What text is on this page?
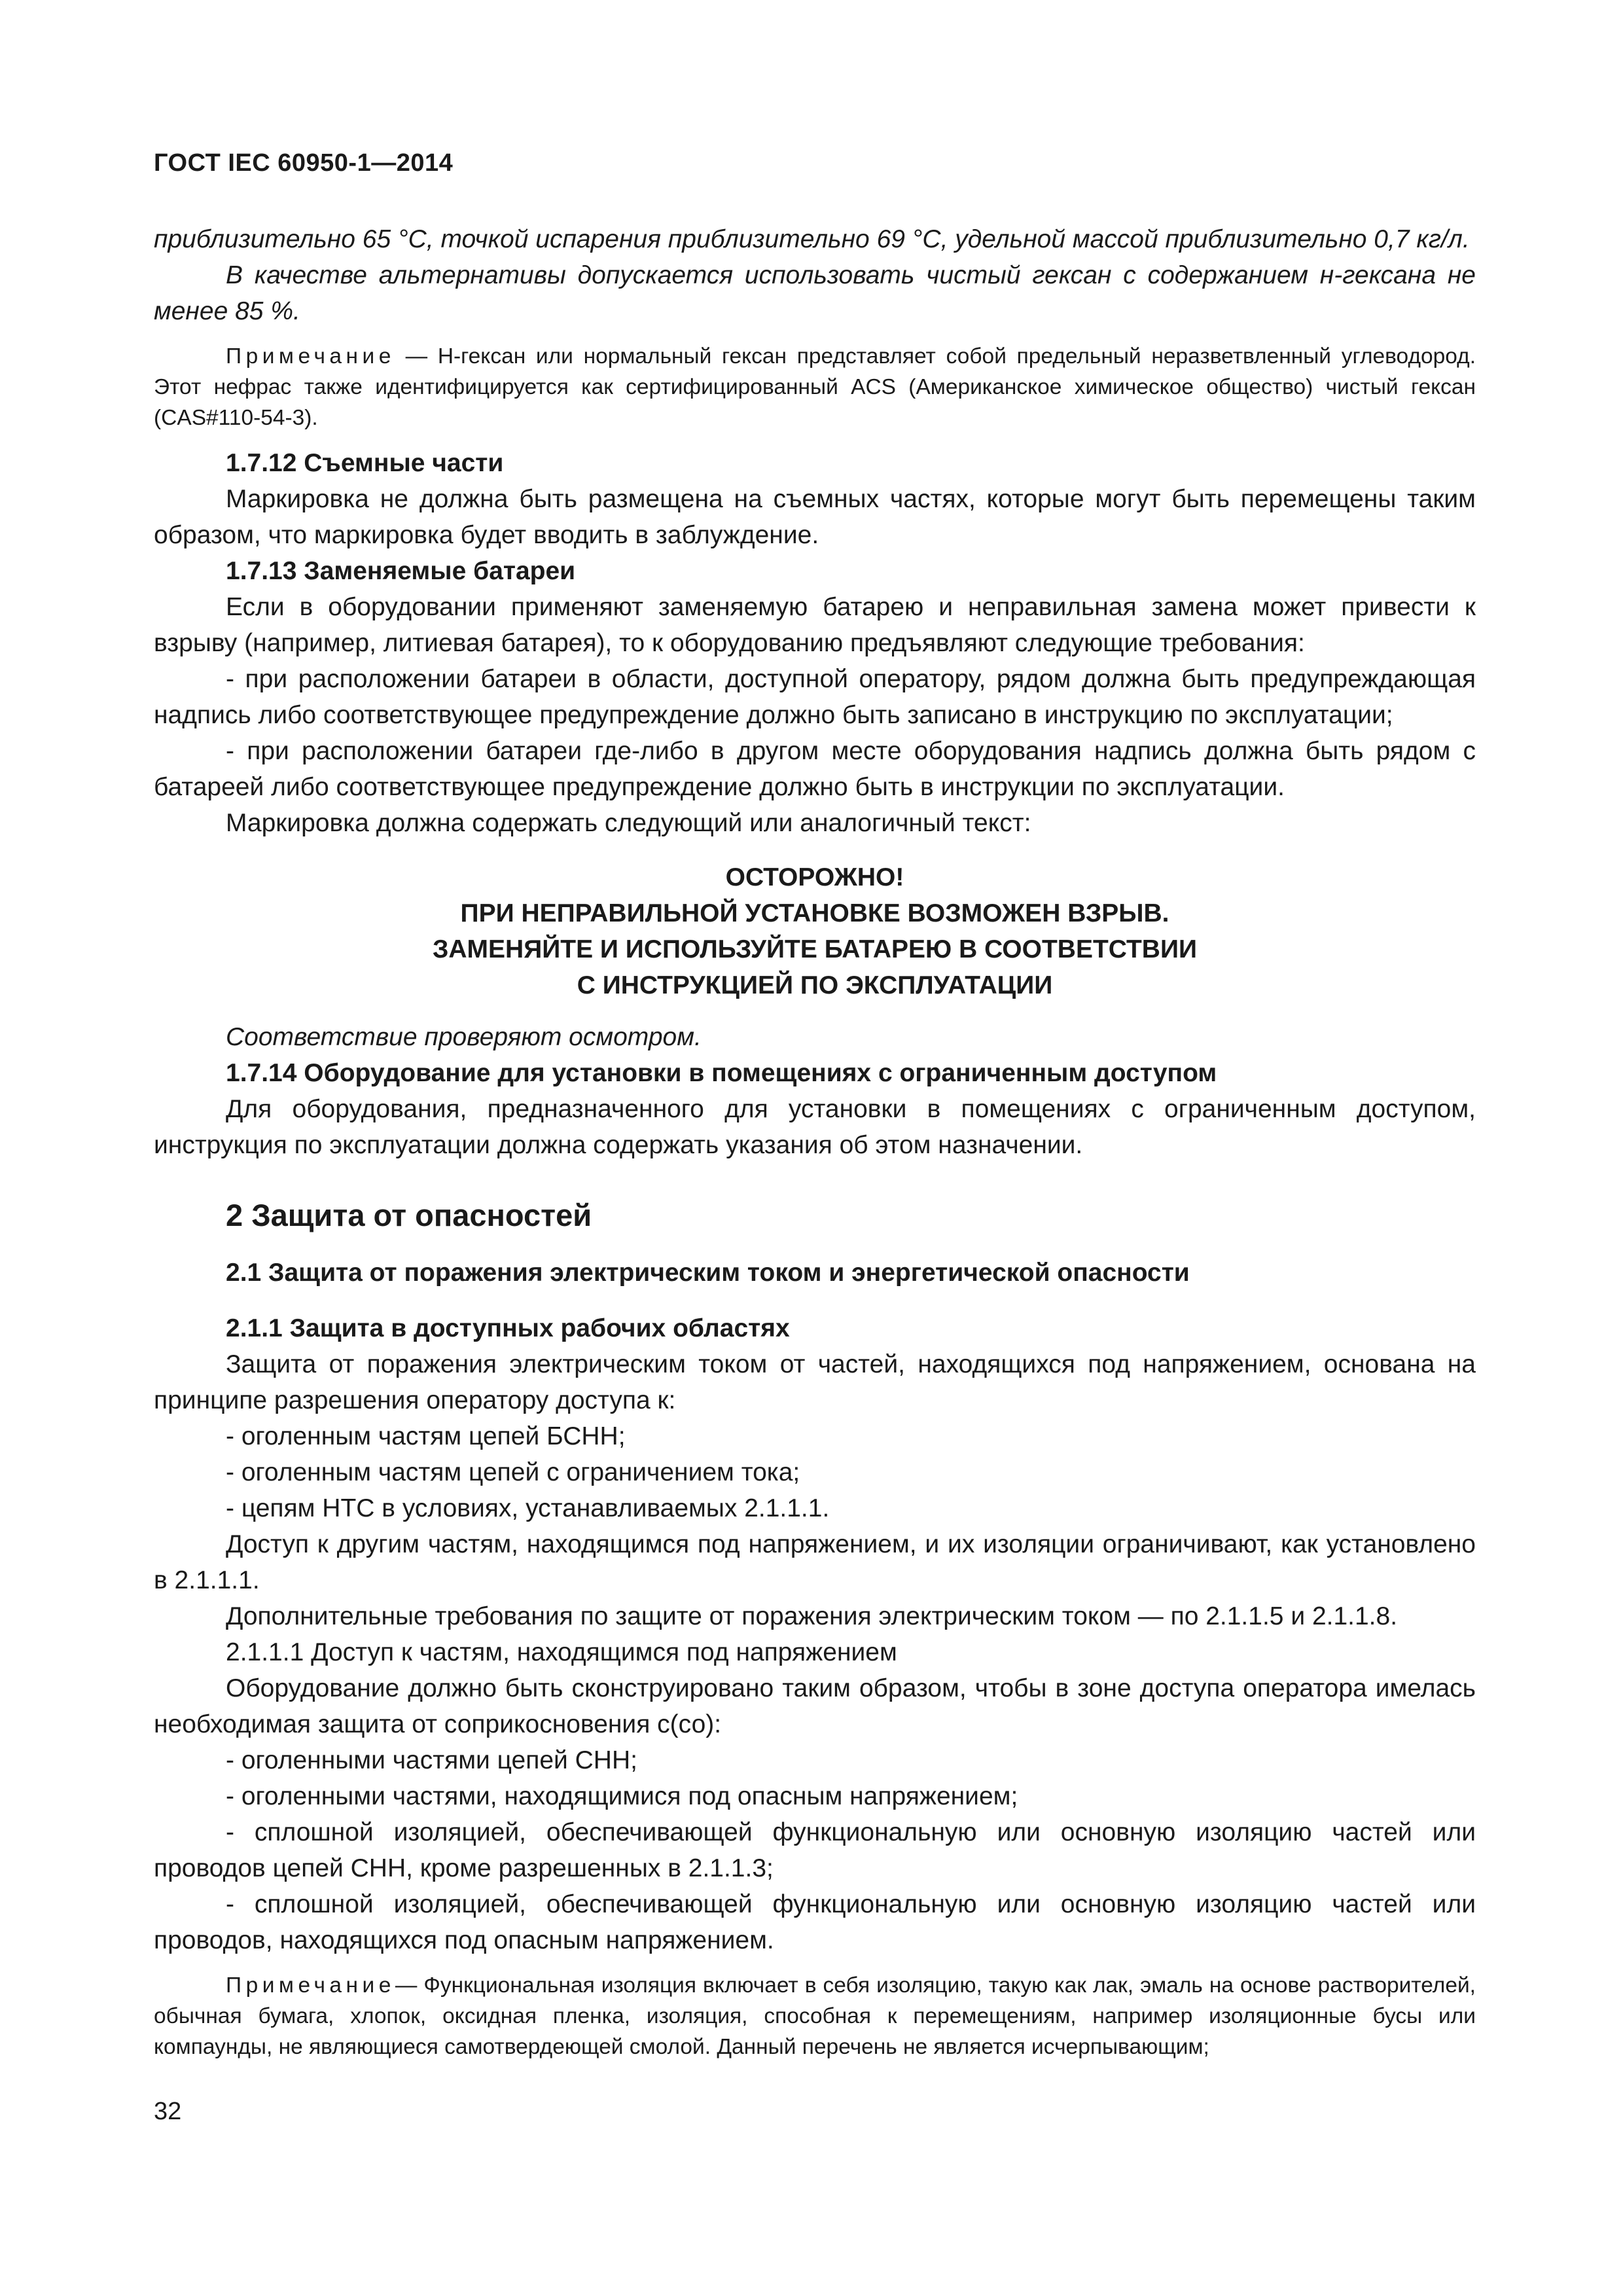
ГОСТ IEC 60950-1—2014

приблизительно 65 °С, точкой испарения приблизительно 69 °С, удельной массой приблизительно 0,7 кг/л.

В качестве альтернативы допускается использовать чистый гексан с содержанием н-гексана не менее 85 %.

Примечание — Н-гексан или нормальный гексан представляет собой предельный неразветвленный углеводород. Этот нефрас также идентифицируется как сертифицированный ACS (Американское химическое общество) чистый гексан (CAS#110-54-3).

1.7.12 Съемные части

Маркировка не должна быть размещена на съемных частях, которые могут быть перемещены таким образом, что маркировка будет вводить в заблуждение.

1.7.13 Заменяемые батареи

Если в оборудовании применяют заменяемую батарею и неправильная замена может привести к взрыву (например, литиевая батарея), то к оборудованию предъявляют следующие требования:

- при расположении батареи в области, доступной оператору, рядом должна быть предупреждающая надпись либо соответствующее предупреждение должно быть записано в инструкцию по эксплуатации;

- при расположении батареи где-либо в другом месте оборудования надпись должна быть рядом с батареей либо соответствующее предупреждение должно быть в инструкции по эксплуатации.

Маркировка должна содержать следующий или аналогичный текст:

ОСТОРОЖНО!
ПРИ НЕПРАВИЛЬНОЙ УСТАНОВКЕ ВОЗМОЖЕН ВЗРЫВ.
ЗАМЕНЯЙТЕ И ИСПОЛЬЗУЙТЕ БАТАРЕЮ В СООТВЕТСТВИИ
С ИНСТРУКЦИЕЙ ПО ЭКСПЛУАТАЦИИ

Соответствие проверяют осмотром.

1.7.14 Оборудование для установки в помещениях с ограниченным доступом

Для оборудования, предназначенного для установки в помещениях с ограниченным доступом, инструкция по эксплуатации должна содержать указания об этом назначении.

2 Защита от опасностей

2.1 Защита от поражения электрическим током и энергетической опасности

2.1.1 Защита в доступных рабочих областях

Защита от поражения электрическим током от частей, находящихся под напряжением, основана на принципе разрешения оператору доступа к:

- оголенным частям цепей БСНН;

- оголенным частям цепей с ограничением тока;

- цепям НТС в условиях, устанавливаемых 2.1.1.1.

Доступ к другим частям, находящимся под напряжением, и их изоляции ограничивают, как установлено в 2.1.1.1.

Дополнительные требования по защите от поражения электрическим током — по 2.1.1.5 и 2.1.1.8.

2.1.1.1 Доступ к частям, находящимся под напряжением

Оборудование должно быть сконструировано таким образом, чтобы в зоне доступа оператора имелась необходимая защита от соприкосновения с(со):

- оголенными частями цепей СНН;

- оголенными частями, находящимися под опасным напряжением;

- сплошной изоляцией, обеспечивающей функциональную или основную изоляцию частей или проводов цепей СНН, кроме разрешенных в 2.1.1.3;

- сплошной изоляцией, обеспечивающей функциональную или основную изоляцию частей или проводов, находящихся под опасным напряжением.

Примечание— Функциональная изоляция включает в себя изоляцию, такую как лак, эмаль на основе растворителей, обычная бумага, хлопок, оксидная пленка, изоляция, способная к перемещениям, например изоляционные бусы или компаунды, не являющиеся самотвердеющей смолой. Данный перечень не является исчерпывающим;

32
